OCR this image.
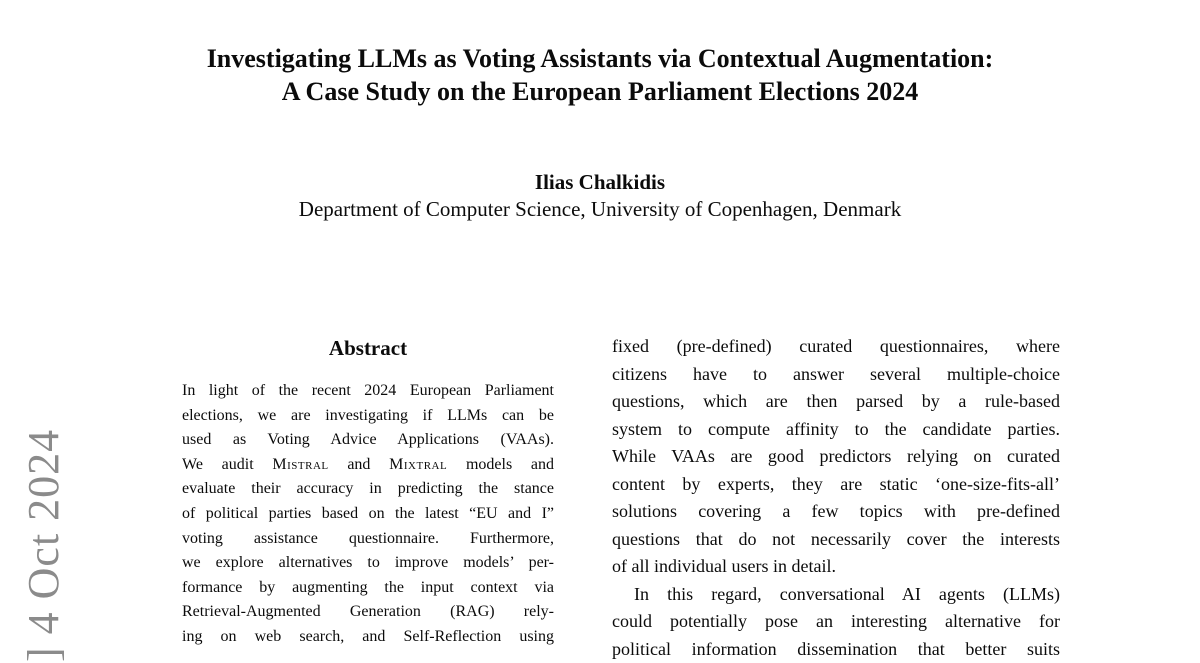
] 4 Oct 2024
Investigating LLMs as Voting Assistants via Contextual Augmentation:
A Case Study on the European Parliament Elections 2024
Ilias Chalkidis
Department of Computer Science, University of Copenhagen, Denmark
Abstract
In light of the recent 2024 European Parliament
elections, we are investigating if LLMs can be
used as Voting Advice Applications (VAAs).
We audit Mistral and Mixtral models and
evaluate their accuracy in predicting the stance
of political parties based on the latest “EU and I”
voting assistance questionnaire. Furthermore,
we explore alternatives to improve models’ per-
formance by augmenting the input context via
Retrieval-Augmented Generation (RAG) rely-
ing on web search, and Self-Reflection using
fixed (pre-defined) curated questionnaires, where
citizens have to answer several multiple-choice
questions, which are then parsed by a rule-based
system to compute affinity to the candidate parties.
While VAAs are good predictors relying on curated
content by experts, they are static ‘one-size-fits-all’
solutions covering a few topics with pre-defined
questions that do not necessarily cover the interests
of all individual users in detail.
In this regard, conversational AI agents (LLMs)
could potentially pose an interesting alternative for
political information dissemination that better suits
